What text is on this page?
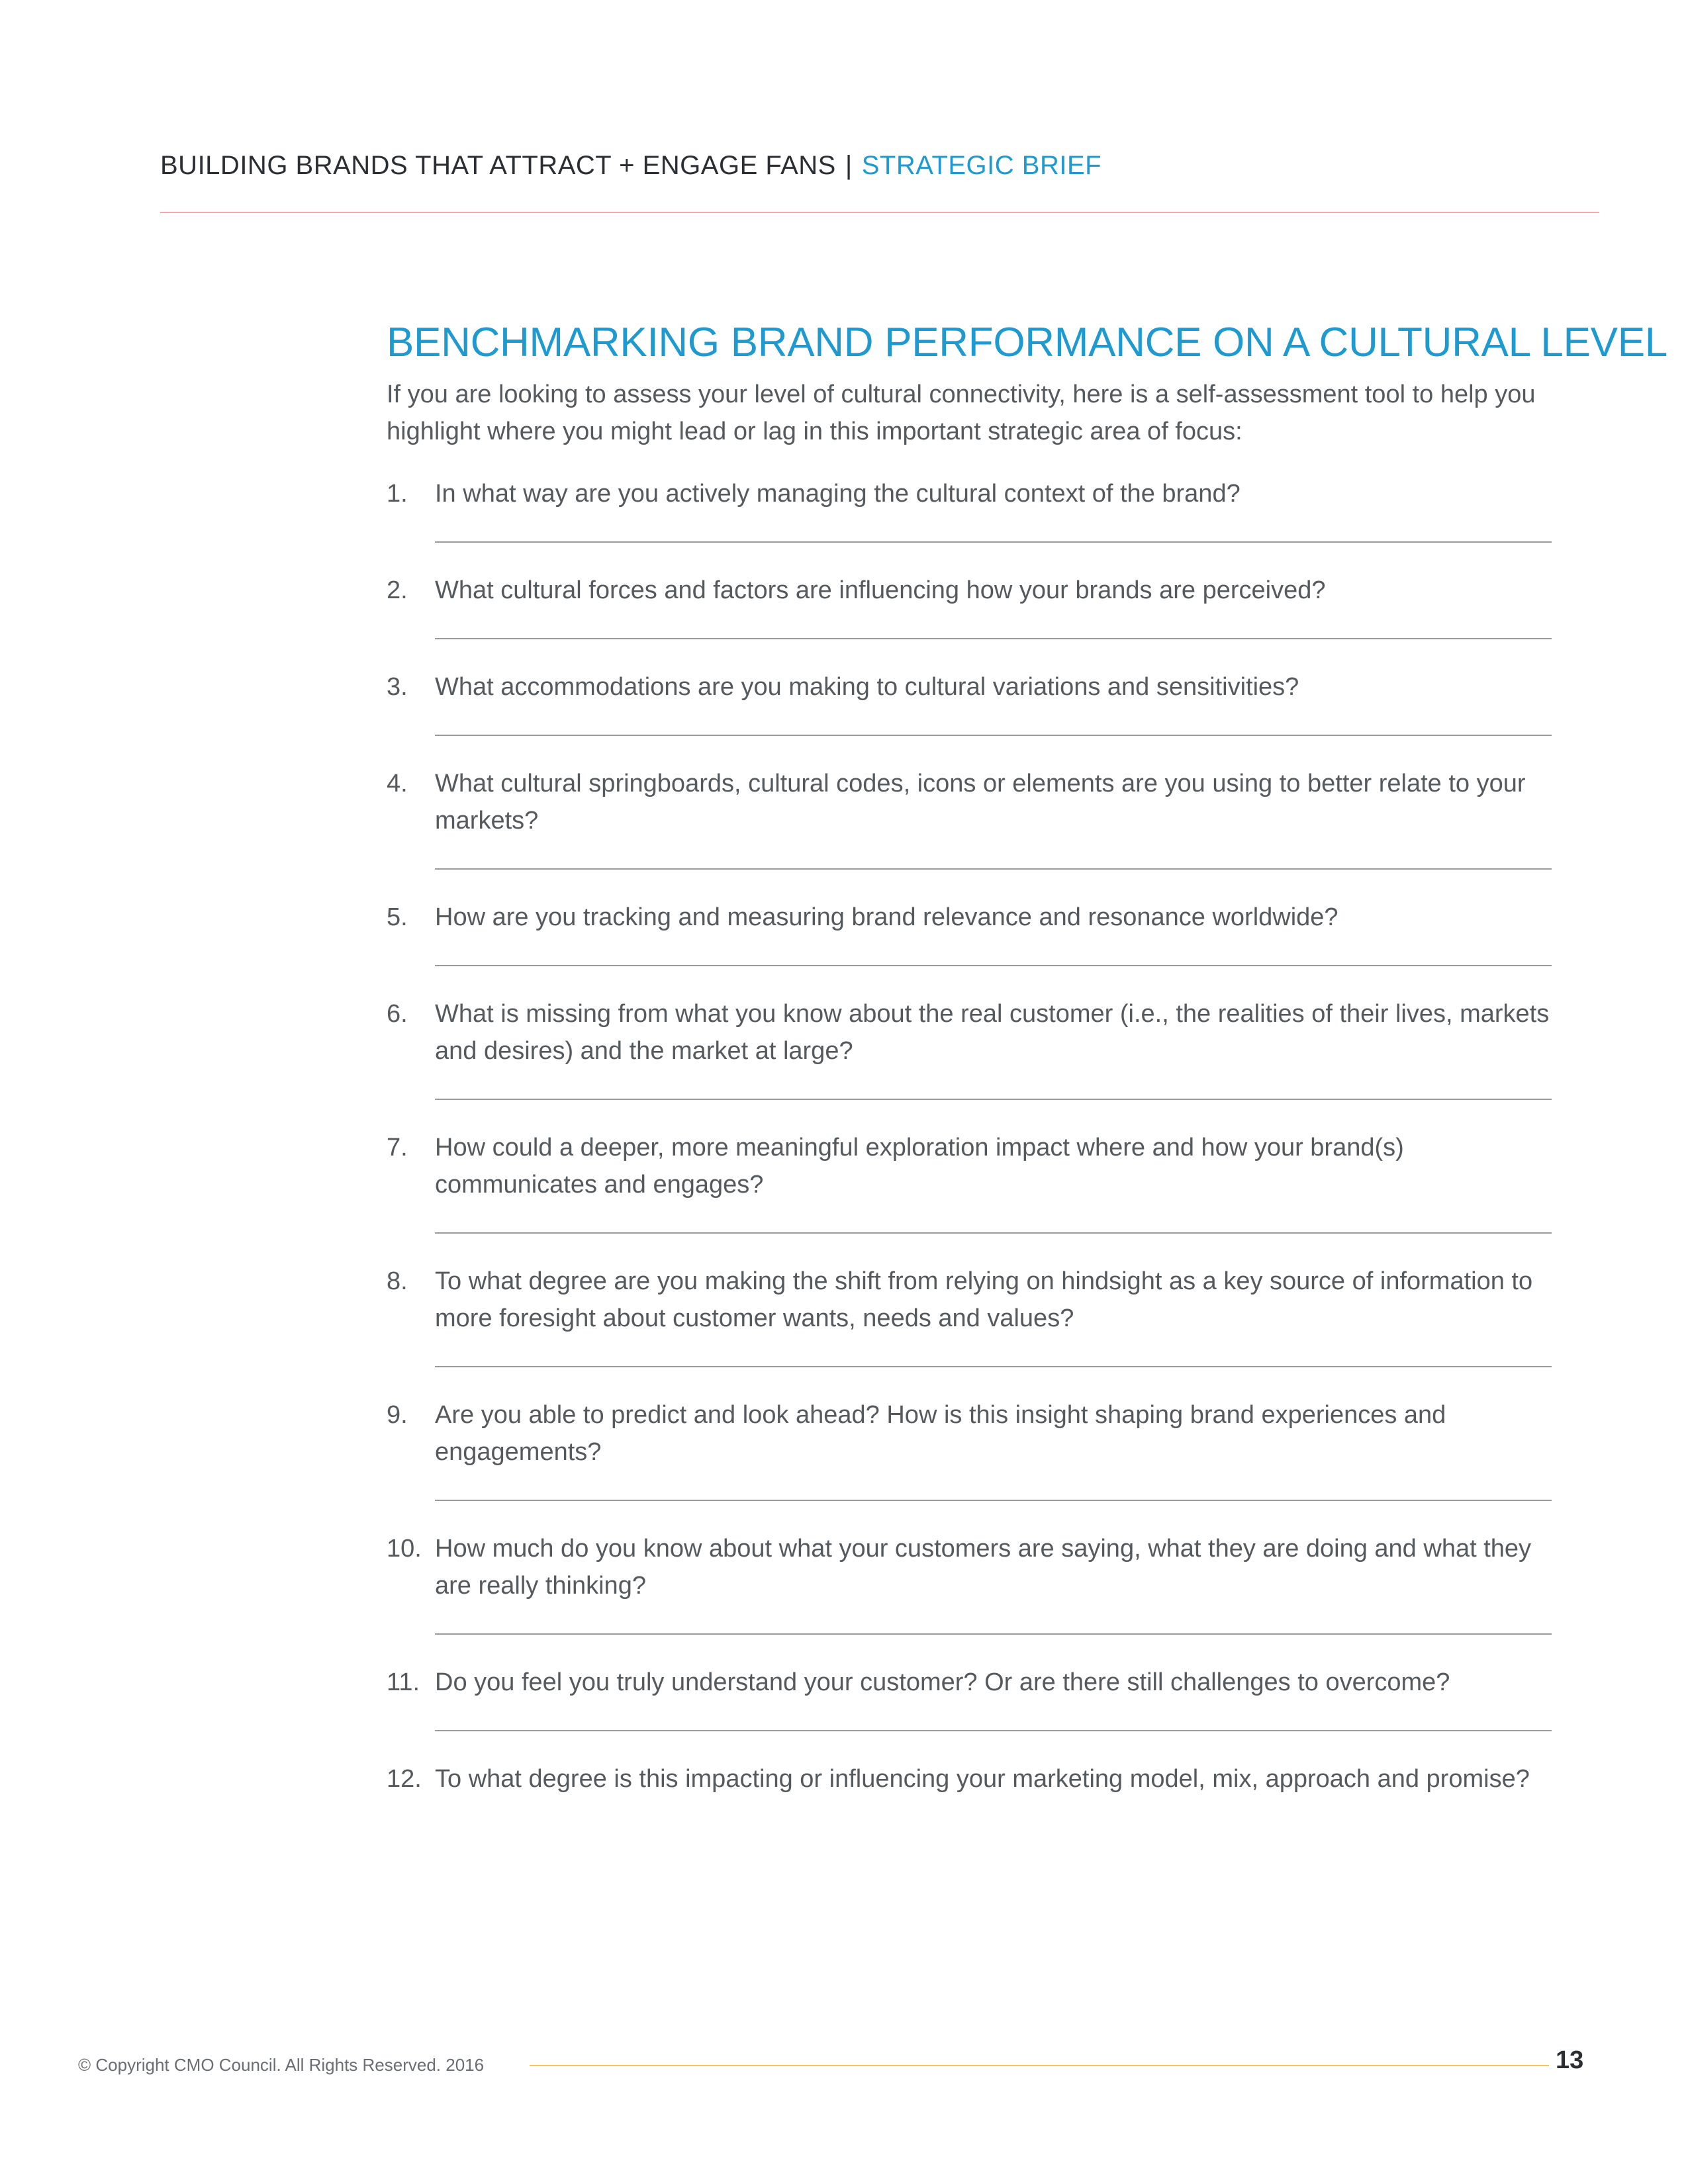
BUILDING BRANDS THAT ATTRACT + ENGAGE FANS | STRATEGIC BRIEF
BENCHMARKING BRAND PERFORMANCE ON A CULTURAL LEVEL

If you are looking to assess your level of cultural connectivity, here is a self-assessment tool to help you highlight where you might lead or lag in this important strategic area of focus:

1. In what way are you actively managing the cultural context of the brand?
2. What cultural forces and factors are influencing how your brands are perceived?
3. What accommodations are you making to cultural variations and sensitivities?
4. What cultural springboards, cultural codes, icons or elements are you using to better relate to your markets?
5. How are you tracking and measuring brand relevance and resonance worldwide?
6. What is missing from what you know about the real customer (i.e., the realities of their lives, markets and desires) and the market at large?
7. How could a deeper, more meaningful exploration impact where and how your brand(s) communicates and engages?
8. To what degree are you making the shift from relying on hindsight as a key source of information to more foresight about customer wants, needs and values?
9. Are you able to predict and look ahead? How is this insight shaping brand experiences and engagements?
10. How much do you know about what your customers are saying, what they are doing and what they are really thinking?
11. Do you feel you truly understand your customer? Or are there still challenges to overcome?
12. To what degree is this impacting or influencing your marketing model, mix, approach and promise?
© Copyright CMO Council. All Rights Reserved. 2016	13
